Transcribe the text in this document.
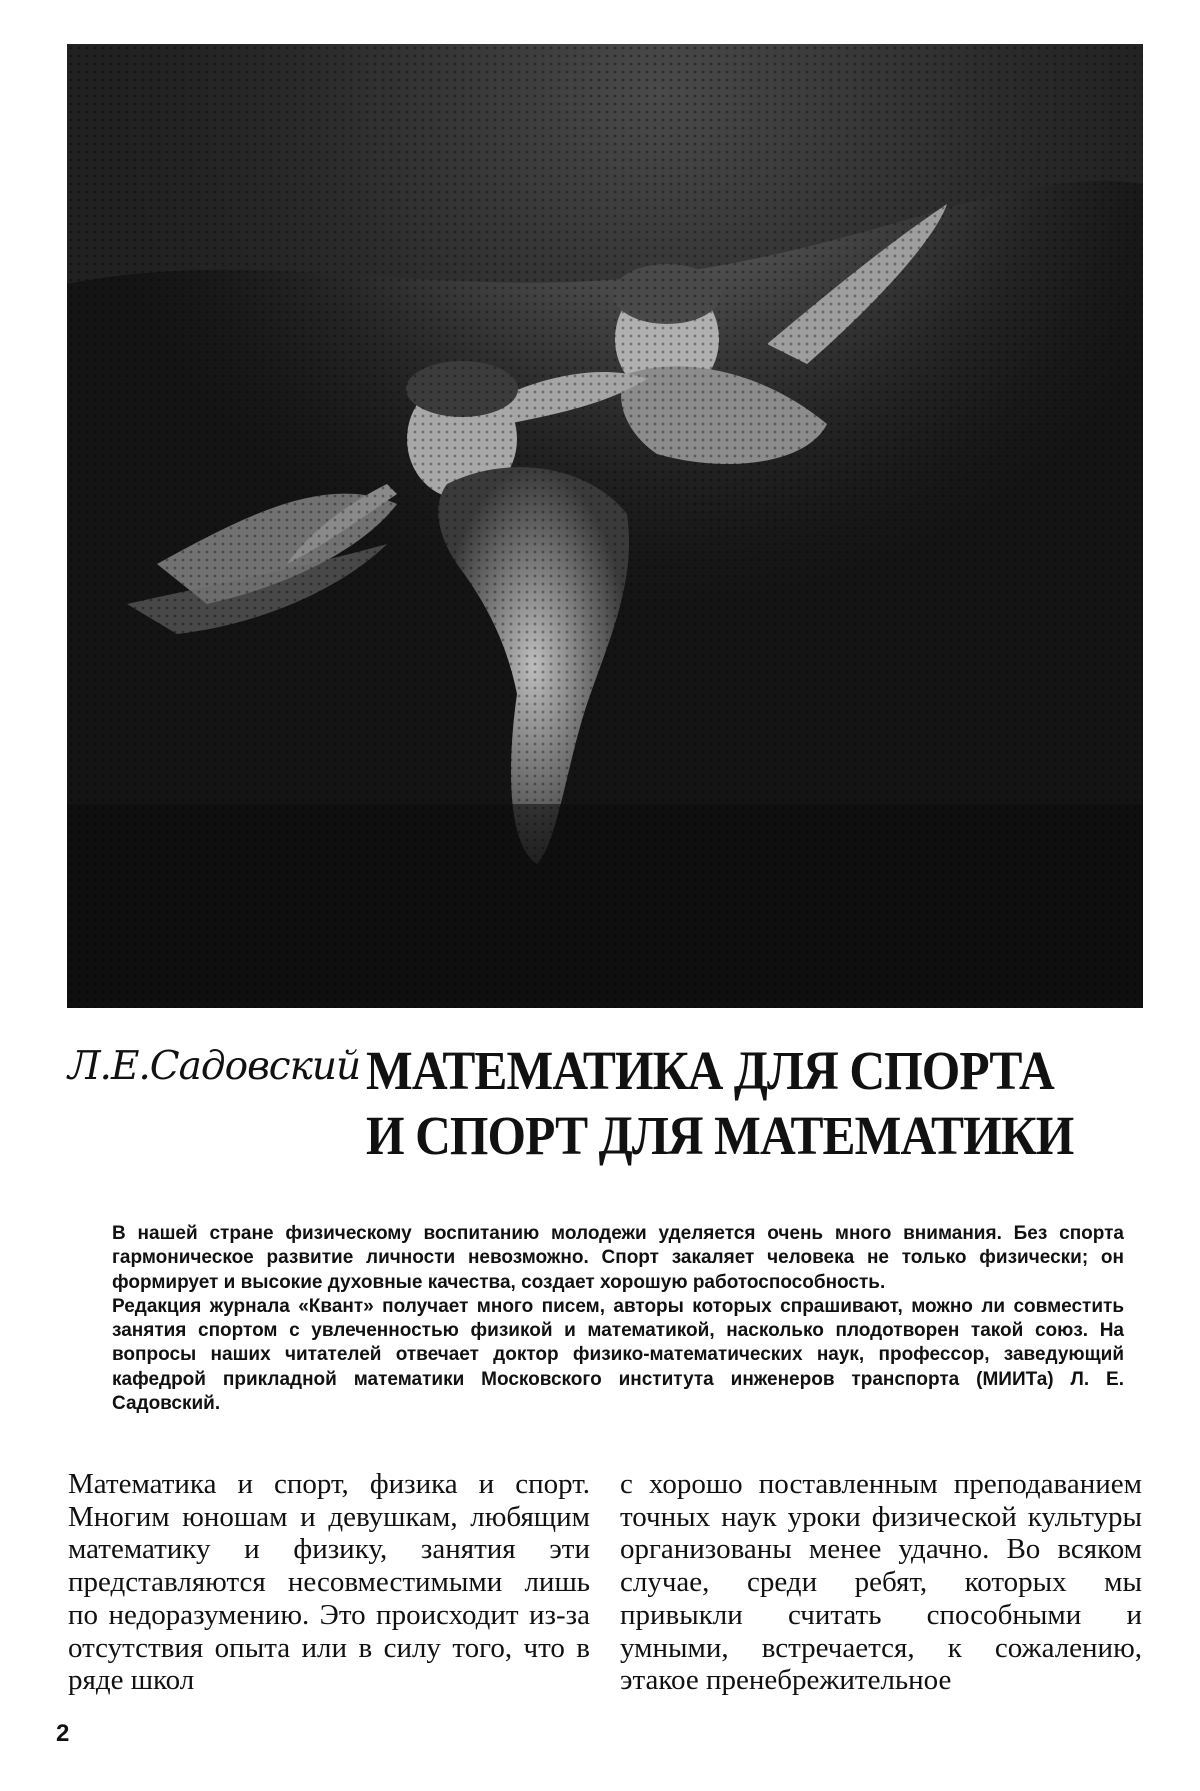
Л.Е.Садовский МАТЕМАТИКА ДЛЯ СПОРТА
И СПОРТ ДЛЯ МАТЕМАТИКИ

В нашей стране физическому воспитанию молодежи уделяется очень много внимания. Без спорта гармоническое развитие личности невозможно. Спорт закаляет человека не только физически; он формирует и высокие духовные качества, создает хорошую работоспособность.

Редакция журнала «Квант» получает много писем, авторы которых спрашивают, можно ли совместить занятия спортом с увлеченностью физикой и математикой, насколько плодотворен такой союз. На вопросы наших читателей отвечает доктор физико-математических наук, профессор, заведующий кафедрой прикладной математики Московского института инженеров транспорта (МИИТа) Л. Е. Садовский.

Математика и спорт, физика и спорт. Многим юношам и девушкам, любящим математику и физику, занятия эти представляются несовместимыми лишь по недоразумению. Это происходит из-за отсутствия опыта или в силу того, что в ряде школ

с хорошо поставленным преподаванием точных наук уроки физической культуры организованы менее удачно. Во всяком случае, среди ребят, которых мы привыкли считать способными и умными, встречается, к сожалению, этакое пренебрежительное

2
